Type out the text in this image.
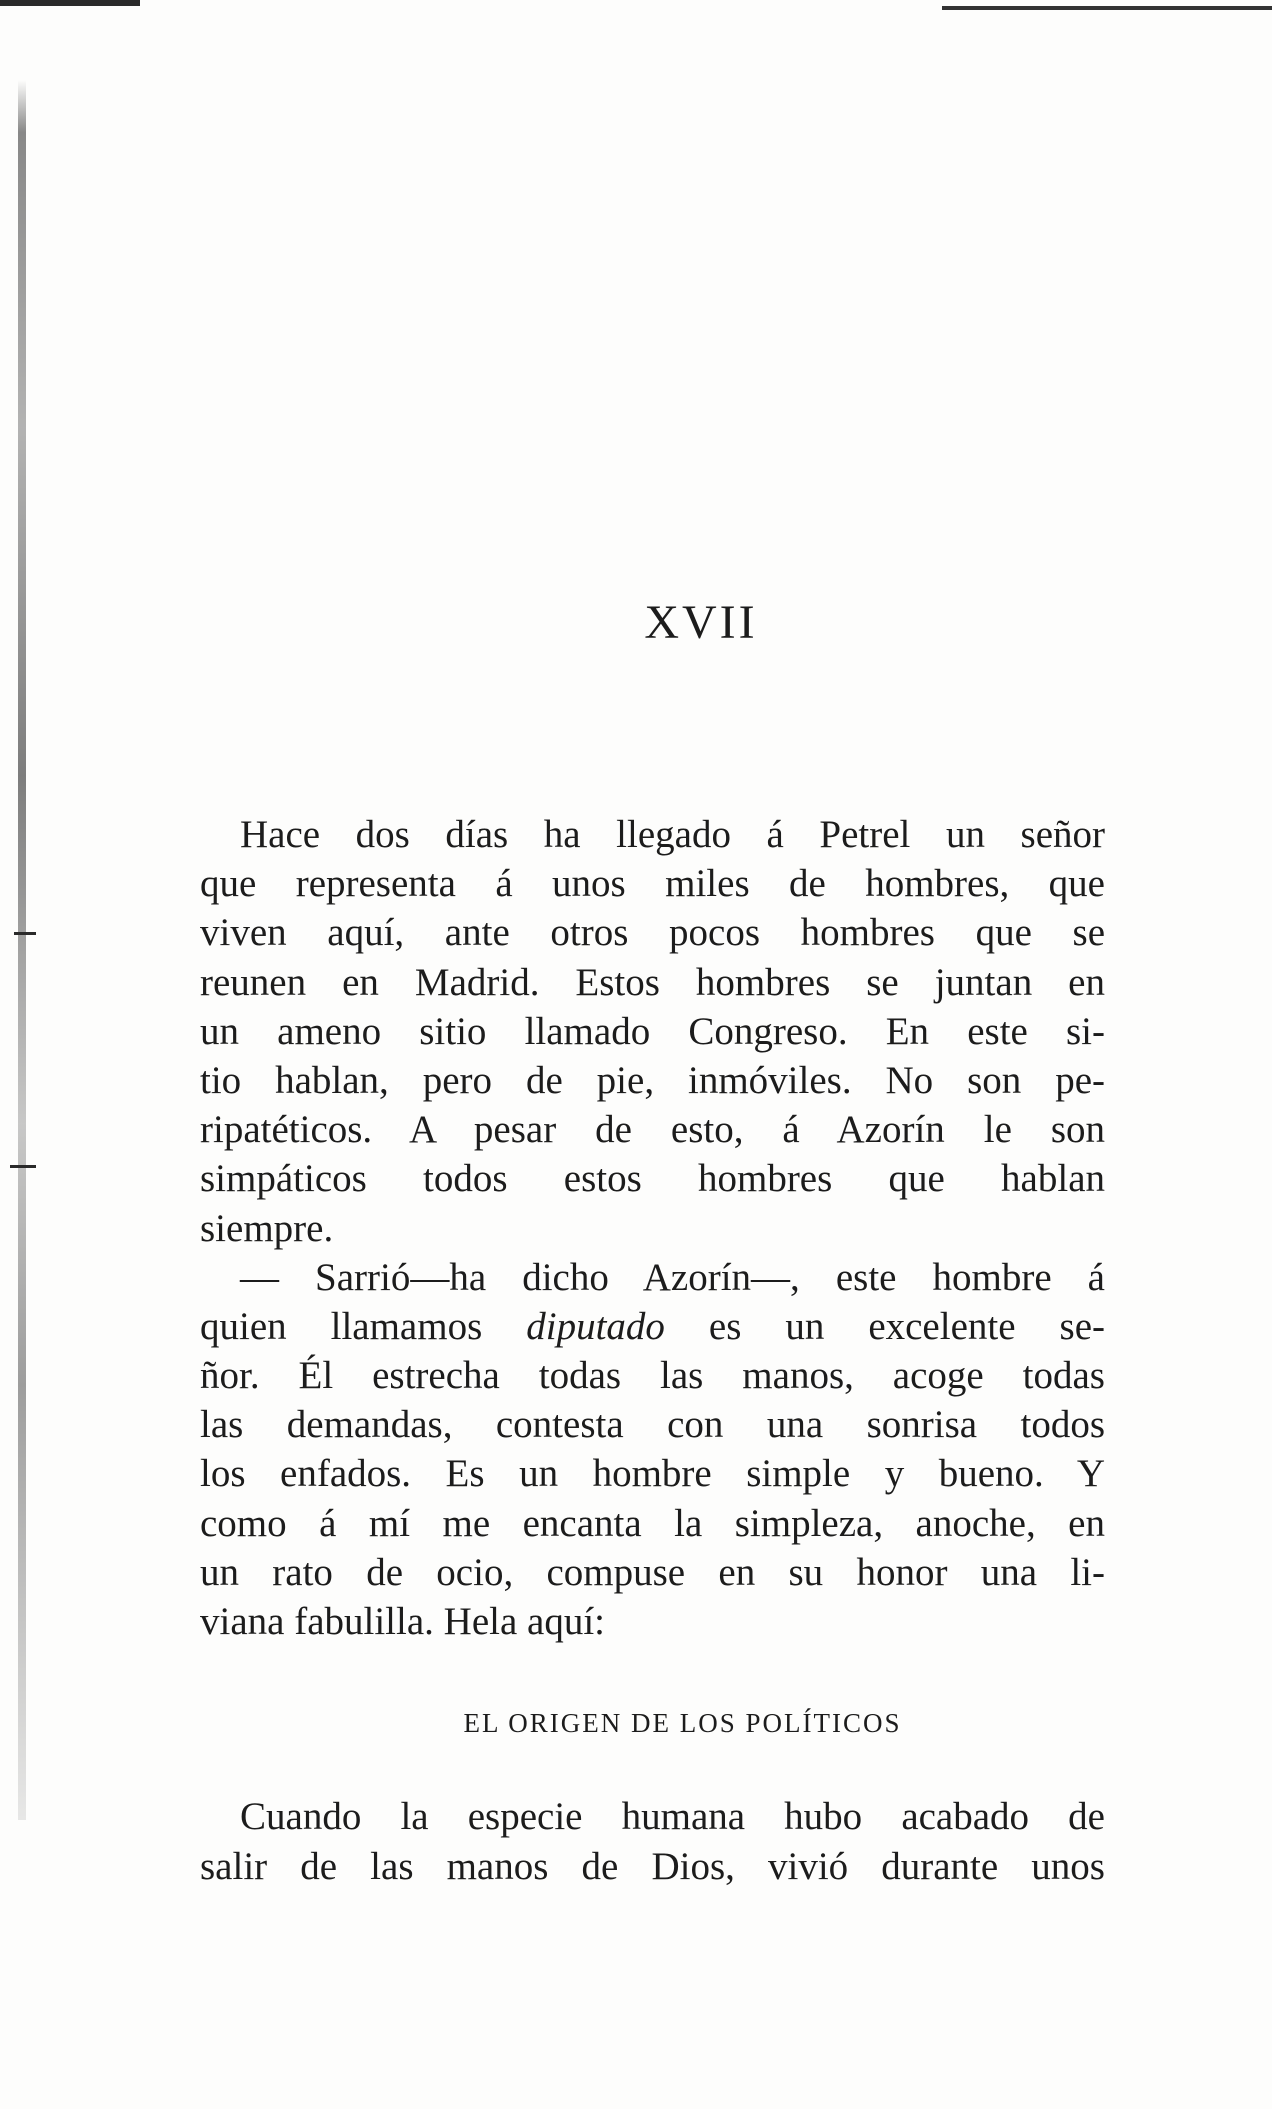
XVII
Hace dos días ha llegado á Petrel un señor
que representa á unos miles de hombres, que
viven aquí, ante otros pocos hombres que se
reunen en Madrid. Estos hombres se juntan en
un ameno sitio llamado Congreso. En este si-
tio hablan, pero de pie, inmóviles. No son pe-
ripatéticos. A pesar de esto, á Azorín le son
simpáticos todos estos hombres que hablan
siempre.
— Sarrió—ha dicho Azorín—, este hombre á
quien llamamos diputado es un excelente se-
ñor. Él estrecha todas las manos, acoge todas
las demandas, contesta con una sonrisa todos
los enfados. Es un hombre simple y bueno. Y
como á mí me encanta la simpleza, anoche, en
un rato de ocio, compuse en su honor una li-
viana fabulilla. Hela aquí:
EL ORIGEN DE LOS POLÍTICOS
Cuando la especie humana hubo acabado de
salir de las manos de Dios, vivió durante unos
